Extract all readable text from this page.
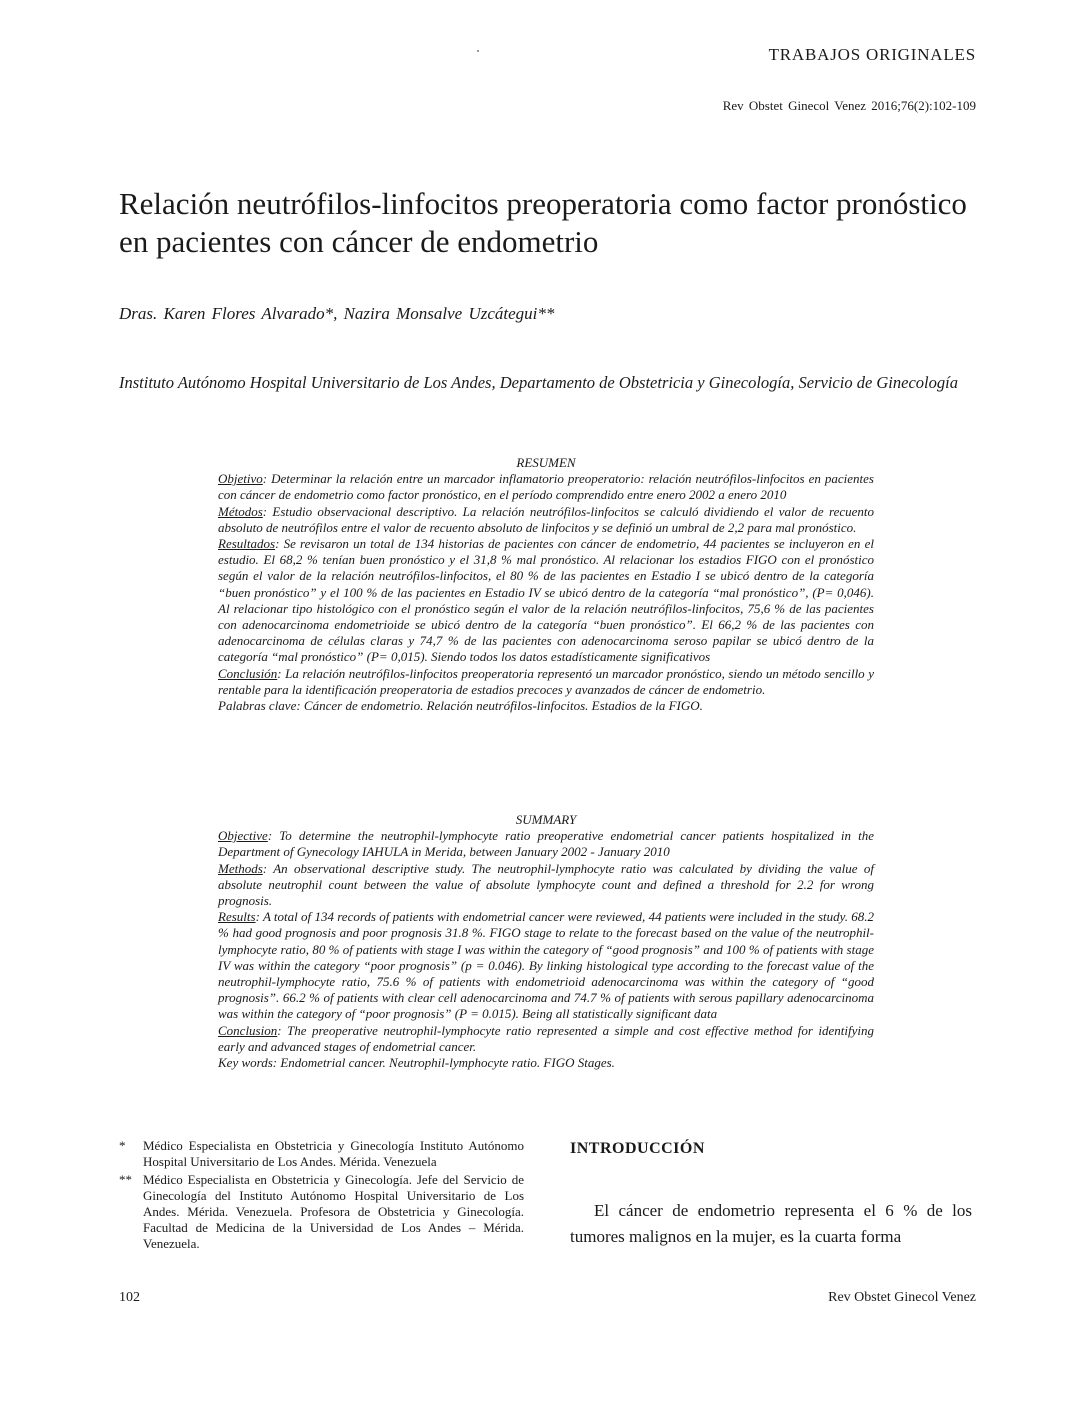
TRABAJOS ORIGINALES
Rev Obstet Ginecol Venez 2016;76(2):102-109
Relación neutrófilos-linfocitos preoperatoria como factor pronóstico en pacientes con cáncer de endometrio
Dras. Karen Flores Alvarado*, Nazira Monsalve Uzcátegui**
Instituto Autónomo Hospital Universitario de Los Andes, Departamento de Obstetricia y Ginecología, Servicio de Ginecología
RESUMEN

Objetivo: Determinar la relación entre un marcador inflamatorio preoperatorio: relación neutrófilos-linfocitos en pacientes con cáncer de endometrio como factor pronóstico, en el período comprendido entre enero 2002 a enero 2010

Métodos: Estudio observacional descriptivo. La relación neutrófilos-linfocitos se calculó dividiendo el valor de recuento absoluto de neutrófilos entre el valor de recuento absoluto de linfocitos y se definió un umbral de 2,2 para mal pronóstico.

Resultados: Se revisaron un total de 134 historias de pacientes con cáncer de endometrio, 44 pacientes se incluyeron en el estudio. El 68,2 % tenían buen pronóstico y el 31,8 % mal pronóstico. Al relacionar los estadios FIGO con el pronóstico según el valor de la relación neutrófilos-linfocitos, el 80 % de las pacientes en Estadio I se ubicó dentro de la categoría “buen pronóstico” y el 100 % de las pacientes en Estadio IV se ubicó dentro de la categoría “mal pronóstico”, (P= 0,046). Al relacionar tipo histológico con el pronóstico según el valor de la relación neutrófilos-linfocitos, 75,6 % de las pacientes con adenocarcinoma endometrioide se ubicó dentro de la categoría “buen pronóstico”. El 66,2 % de las pacientes con adenocarcinoma de células claras y 74,7 % de las pacientes con adenocarcinoma seroso papilar se ubicó dentro de la categoría “mal pronóstico” (P= 0,015). Siendo todos los datos estadísticamente significativos

Conclusión: La relación neutrófilos-linfocitos preoperatoria representó un marcador pronóstico, siendo un método sencillo y rentable para la identificación preoperatoria de estadios precoces y avanzados de cáncer de endometrio.

Palabras clave: Cáncer de endometrio. Relación neutrófilos-linfocitos. Estadios de la FIGO.

SUMMARY

Objective: To determine the neutrophil-lymphocyte ratio preoperative endometrial cancer patients hospitalized in the Department of Gynecology IAHULA in Merida, between January 2002 - January 2010

Methods: An observational descriptive study. The neutrophil-lymphocyte ratio was calculated by dividing the value of absolute neutrophil count between the value of absolute lymphocyte count and defined a threshold for 2.2 for wrong prognosis.

Results: A total of 134 records of patients with endometrial cancer were reviewed, 44 patients were included in the study. 68.2 % had good prognosis and poor prognosis 31.8 %. FIGO stage to relate to the forecast based on the value of the neutrophil-lymphocyte ratio, 80 % of patients with stage I was within the category of “good prognosis” and 100 % of patients with stage IV was within the category “poor prognosis” (p = 0.046). By linking histological type according to the forecast value of the neutrophil-lymphocyte ratio, 75.6 % of patients with endometrioid adenocarcinoma was within the category of “good prognosis”. 66.2 % of patients with clear cell adenocarcinoma and 74.7 % of patients with serous papillary adenocarcinoma was within the category of “poor prognosis” (P = 0.015). Being all statistically significant data

Conclusion: The preoperative neutrophil-lymphocyte ratio represented a simple and cost effective method for identifying early and advanced stages of endometrial cancer.

Key words: Endometrial cancer. Neutrophil-lymphocyte ratio. FIGO Stages.

*	Médico Especialista en Obstetricia y Ginecología Instituto Autónomo Hospital Universitario de Los Andes. Mérida. Venezuela
** Médico Especialista en Obstetricia y Ginecología. Jefe del Servicio de Ginecología del Instituto Autónomo Hospital Universitario de Los Andes. Mérida. Venezuela. Profesora de Obstetricia y Ginecología. Facultad de Medicina de la Universidad de Los Andes – Mérida. Venezuela.
INTRODUCCIÓN
El cáncer de endometrio representa el 6 % de los tumores malignos en la mujer, es la cuarta forma
102	Rev Obstet Ginecol Venez
